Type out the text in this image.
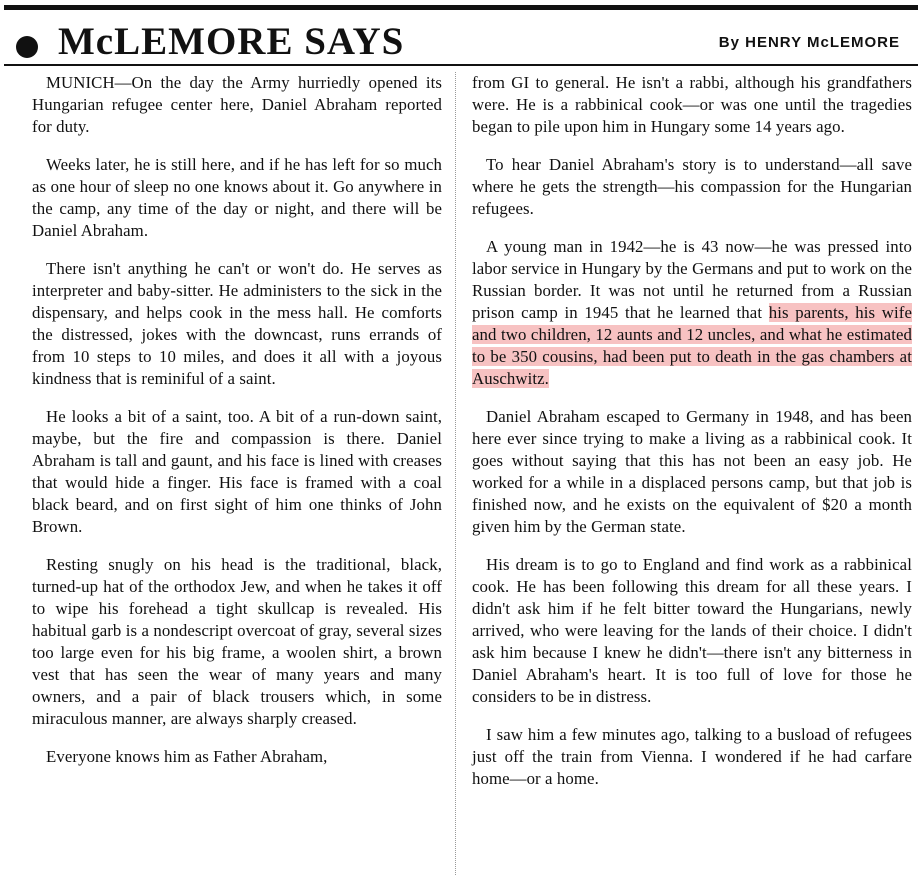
McLEMORE SAYS	By HENRY McLEMORE

MUNICH—On the day the Army hurriedly opened its Hungarian refugee center here, Daniel Abraham reported for duty.

Weeks later, he is still here, and if he has left for so much as one hour of sleep no one knows about it. Go anywhere in the camp, any time of the day or night, and there will be Daniel Abraham.

There isn't anything he can't or won't do. He serves as interpreter and baby-sitter. He administers to the sick in the dispensary, and helps cook in the mess hall. He comforts the distressed, jokes with the downcast, runs errands of from 10 steps to 10 miles, and does it all with a joyous kindness that is reminiful of a saint.

He looks a bit of a saint, too. A bit of a run-down saint, maybe, but the fire and compassion is there. Daniel Abraham is tall and gaunt, and his face is lined with creases that would hide a finger. His face is framed with a coal black beard, and on first sight of him one thinks of John Brown.

Resting snugly on his head is the traditional, black, turned-up hat of the orthodox Jew, and when he takes it off to wipe his forehead a tight skullcap is revealed. His habitual garb is a nondescript overcoat of gray, several sizes too large even for his big frame, a woolen shirt, a brown vest that has seen the wear of many years and many owners, and a pair of black trousers which, in some miraculous manner, are always sharply creased.

Everyone knows him as Father Abraham,

from GI to general. He isn't a rabbi, although his grandfathers were. He is a rabbinical cook—or was one until the tragedies began to pile upon him in Hungary some 14 years ago.

To hear Daniel Abraham's story is to understand—all save where he gets the strength—his compassion for the Hungarian refugees.

A young man in 1942—he is 43 now—he was pressed into labor service in Hungary by the Germans and put to work on the Russian border. It was not until he returned from a Russian prison camp in 1945 that he learned that his parents, his wife and two children, 12 aunts and 12 uncles, and what he estimated to be 350 cousins, had been put to death in the gas chambers at Auschwitz.

Daniel Abraham escaped to Germany in 1948, and has been here ever since trying to make a living as a rabbinical cook. It goes without saying that this has not been an easy job. He worked for a while in a displaced persons camp, but that job is finished now, and he exists on the equivalent of $20 a month given him by the German state.

His dream is to go to England and find work as a rabbinical cook. He has been following this dream for all these years. I didn't ask him if he felt bitter toward the Hungarians, newly arrived, who were leaving for the lands of their choice. I didn't ask him because I knew he didn't—there isn't any bitterness in Daniel Abraham's heart. It is too full of love for those he considers to be in distress.

I saw him a few minutes ago, talking to a busload of refugees just off the train from Vienna. I wondered if he had carfare home—or a home.
